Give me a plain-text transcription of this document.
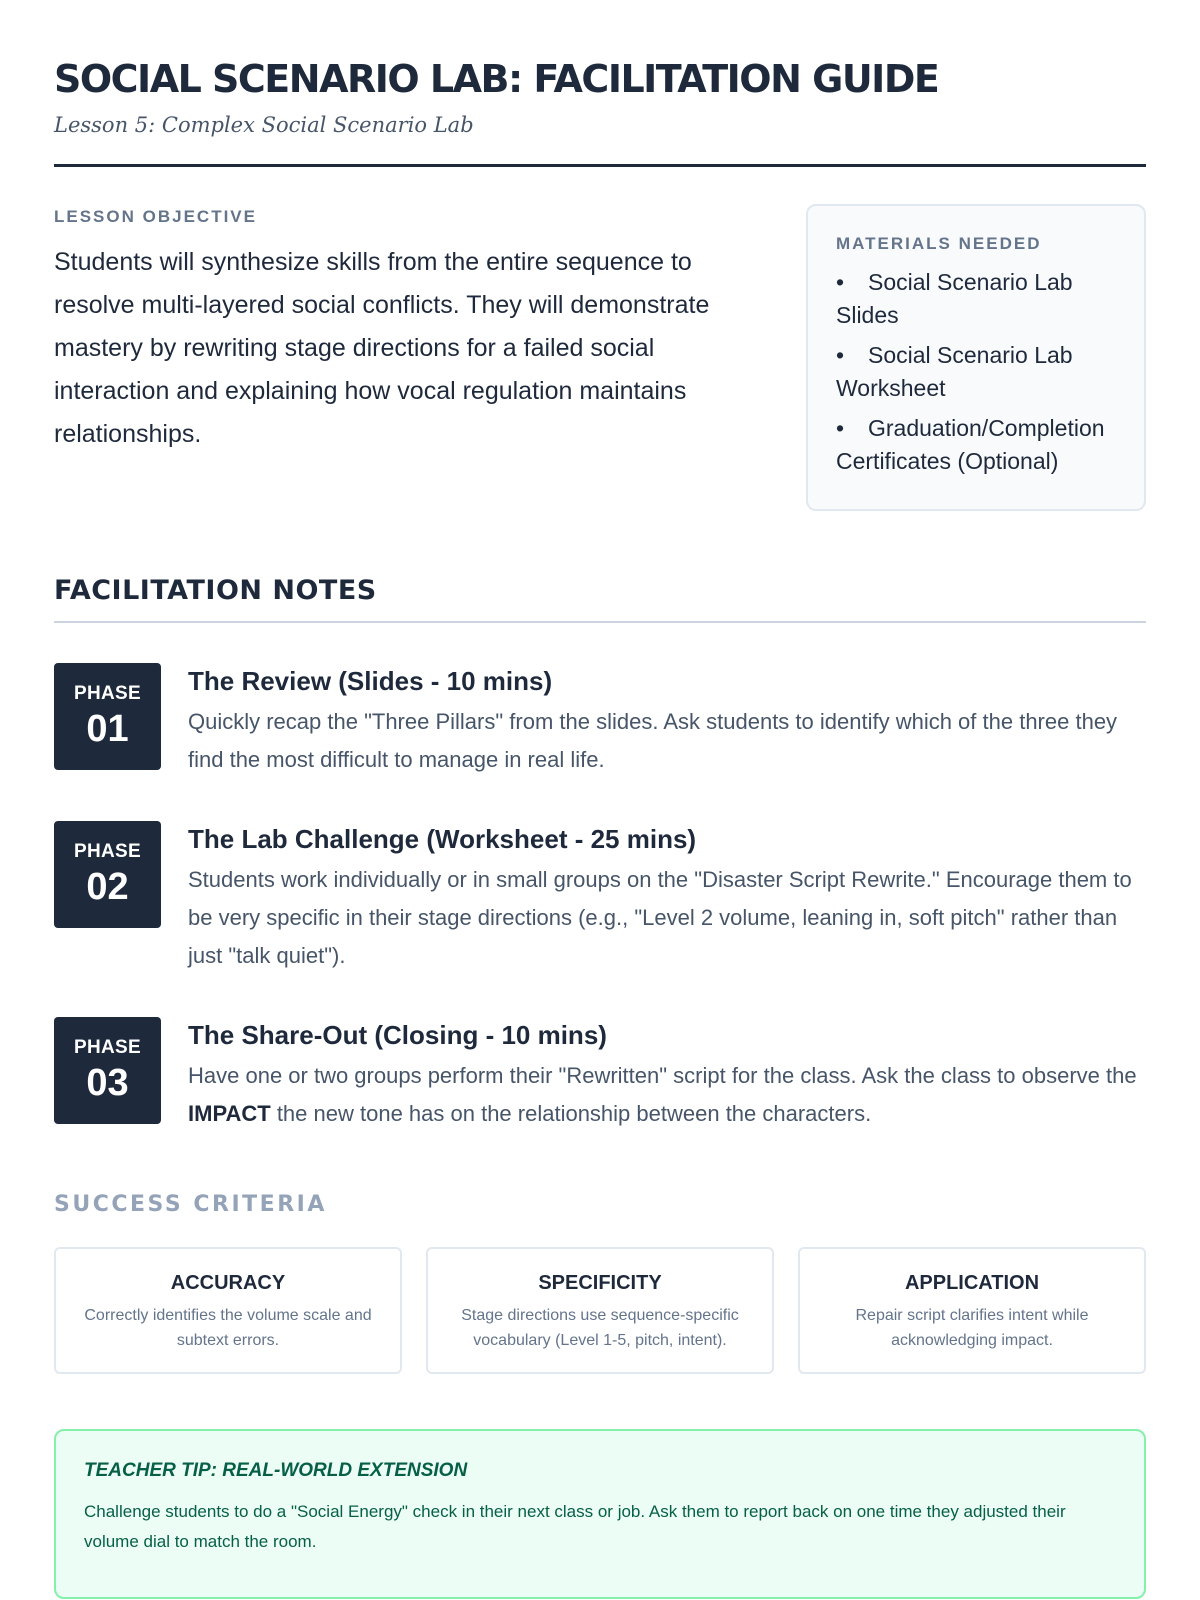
SOCIAL SCENARIO LAB: FACILITATION GUIDE
Lesson 5: Complex Social Scenario Lab
LESSON OBJECTIVE
Students will synthesize skills from the entire sequence to resolve multi-layered social conflicts. They will demonstrate mastery by rewriting stage directions for a failed social interaction and explaining how vocal regulation maintains relationships.
MATERIALS NEEDED
• Social Scenario Lab Slides
• Social Scenario Lab Worksheet
• Graduation/Completion Certificates (Optional)
FACILITATION NOTES
PHASE
01
The Review (Slides - 10 mins)
Quickly recap the "Three Pillars" from the slides. Ask students to identify which of the three they find the most difficult to manage in real life.
PHASE
02
The Lab Challenge (Worksheet - 25 mins)
Students work individually or in small groups on the "Disaster Script Rewrite." Encourage them to be very specific in their stage directions (e.g., "Level 2 volume, leaning in, soft pitch" rather than just "talk quiet").
PHASE
03
The Share-Out (Closing - 10 mins)
Have one or two groups perform their "Rewritten" script for the class. Ask the class to observe the IMPACT the new tone has on the relationship between the characters.
SUCCESS CRITERIA
ACCURACY
Correctly identifies the volume scale and subtext errors.
SPECIFICITY
Stage directions use sequence-specific vocabulary (Level 1-5, pitch, intent).
APPLICATION
Repair script clarifies intent while acknowledging impact.
TEACHER TIP: REAL-WORLD EXTENSION
Challenge students to do a "Social Energy" check in their next class or job. Ask them to report back on one time they adjusted their volume dial to match the room.
